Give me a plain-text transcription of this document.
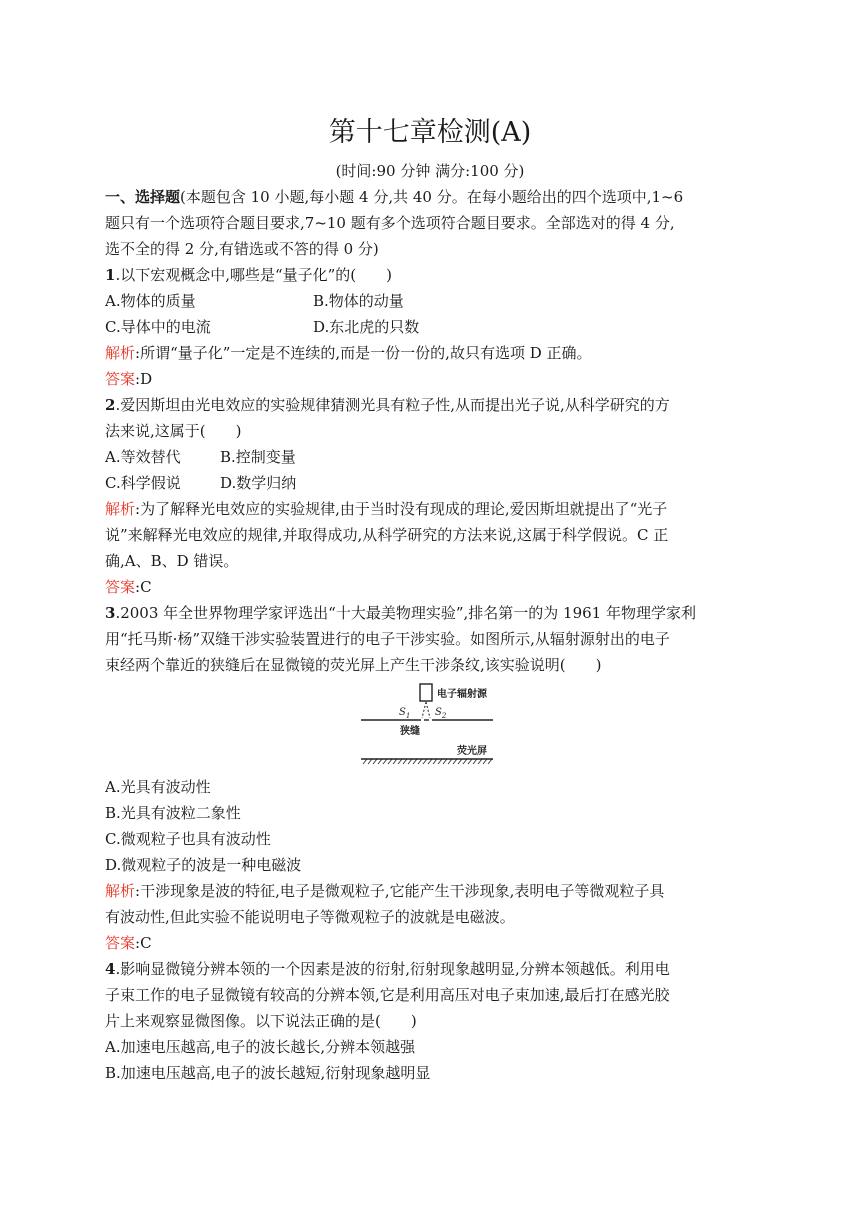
第十七章检测(A)
(时间:90 分钟 满分:100 分)
一、选择题(本题包含 10 小题,每小题 4 分,共 40 分。在每小题给出的四个选项中,1~6
题只有一个选项符合题目要求,7~10 题有多个选项符合题目要求。全部选对的得 4 分,
选不全的得 2 分,有错选或不答的得 0 分)
1.以下宏观概念中,哪些是“量子化”的(　　)
A.物体的质量	B.物体的动量
C.导体中的电流	D.东北虎的只数
解析:所谓“量子化”一定是不连续的,而是一份一份的,故只有选项 D 正确。
答案:D
2.爱因斯坦由光电效应的实验规律猜测光具有粒子性,从而提出光子说,从科学研究的方
法来说,这属于(　　)
A.等效替代	B.控制变量
C.科学假说	D.数学归纳
解析:为了解释光电效应的实验规律,由于当时没有现成的理论,爱因斯坦就提出了“光子
说”来解释光电效应的规律,并取得成功,从科学研究的方法来说,这属于科学假说。C 正
确,A、B、D 错误。
答案:C
3.2003 年全世界物理学家评选出“十大最美物理实验”,排名第一的为 1961 年物理学家利
用“托马斯·杨”双缝干涉实验装置进行的电子干涉实验。如图所示,从辐射源射出的电子
束经两个靠近的狭缝后在显微镜的荧光屏上产生干涉条纹,该实验说明(　　)
电子辐射源
$S_1$ $S_2$
狭缝
荧光屏
A.光具有波动性
B.光具有波粒二象性
C.微观粒子也具有波动性
D.微观粒子的波是一种电磁波
解析:干涉现象是波的特征,电子是微观粒子,它能产生干涉现象,表明电子等微观粒子具
有波动性,但此实验不能说明电子等微观粒子的波就是电磁波。
答案:C
4.影响显微镜分辨本领的一个因素是波的衍射,衍射现象越明显,分辨本领越低。利用电
子束工作的电子显微镜有较高的分辨本领,它是利用高压对电子束加速,最后打在感光胶
片上来观察显微图像。以下说法正确的是(　　)
A.加速电压越高,电子的波长越长,分辨本领越强
B.加速电压越高,电子的波长越短,衍射现象越明显
